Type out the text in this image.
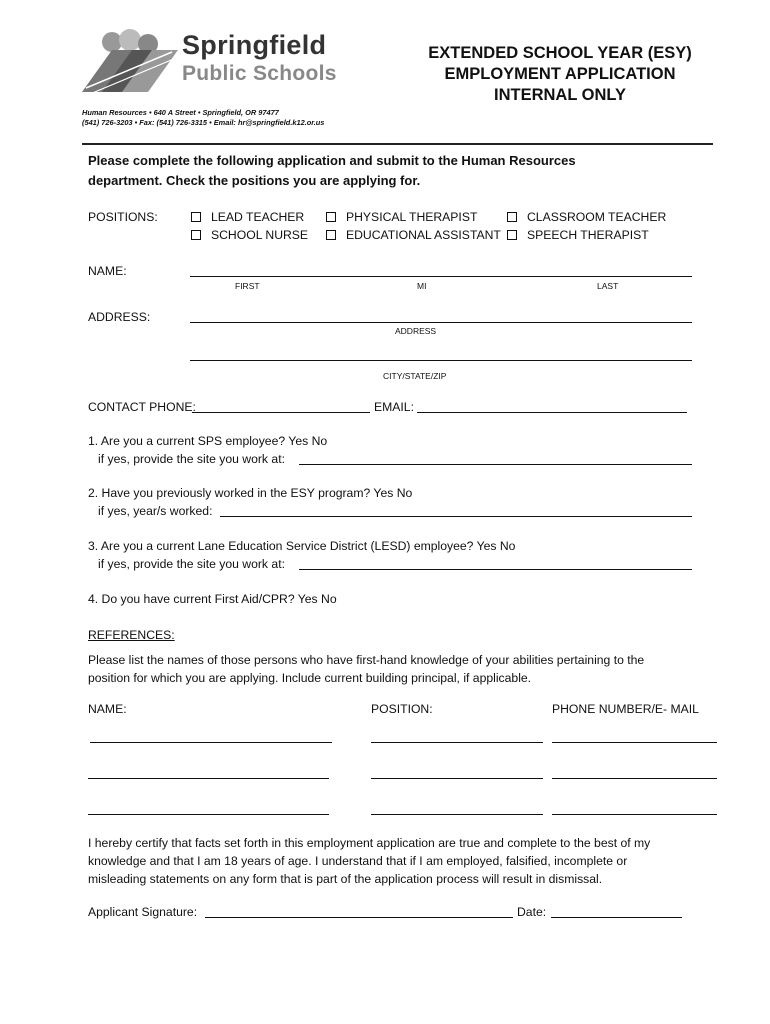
Springfield
Public Schools
EXTENDED SCHOOL YEAR (ESY)
EMPLOYMENT APPLICATION
INTERNAL ONLY
Human Resources • 640 A Street • Springfield, OR 97477
(541) 726-3203 • Fax: (541) 726-3315 • Email: hr@springfield.k12.or.us
Please complete the following application and submit to the Human Resources
department. Check the positions you are applying for.
POSITIONS:	LEAD TEACHER	PHYSICAL THERAPIST	CLASSROOM TEACHER
SCHOOL NURSE	EDUCATIONAL ASSISTANT	SPEECH THERAPIST
NAME:
FIRST	MI	LAST
ADDRESS:
ADDRESS
CITY/STATE/ZIP
CONTACT PHONE:	EMAIL:
1. Are you a current SPS employee? Yes No
if yes, provide the site you work at:
2. Have you previously worked in the ESY program? Yes No
if yes, year/s worked:
3. Are you a current Lane Education Service District (LESD) employee? Yes No
if yes, provide the site you work at:
4. Do you have current First Aid/CPR? Yes No
REFERENCES:
Please list the names of those persons who have first-hand knowledge of your abilities pertaining to the
position for which you are applying. Include current building principal, if applicable.
NAME:	POSITION:	PHONE NUMBER/E- MAIL
I hereby certify that facts set forth in this employment application are true and complete to the best of my
knowledge and that I am 18 years of age. I understand that if I am employed, falsified, incomplete or
misleading statements on any form that is part of the application process will result in dismissal.
Applicant Signature:	Date:
